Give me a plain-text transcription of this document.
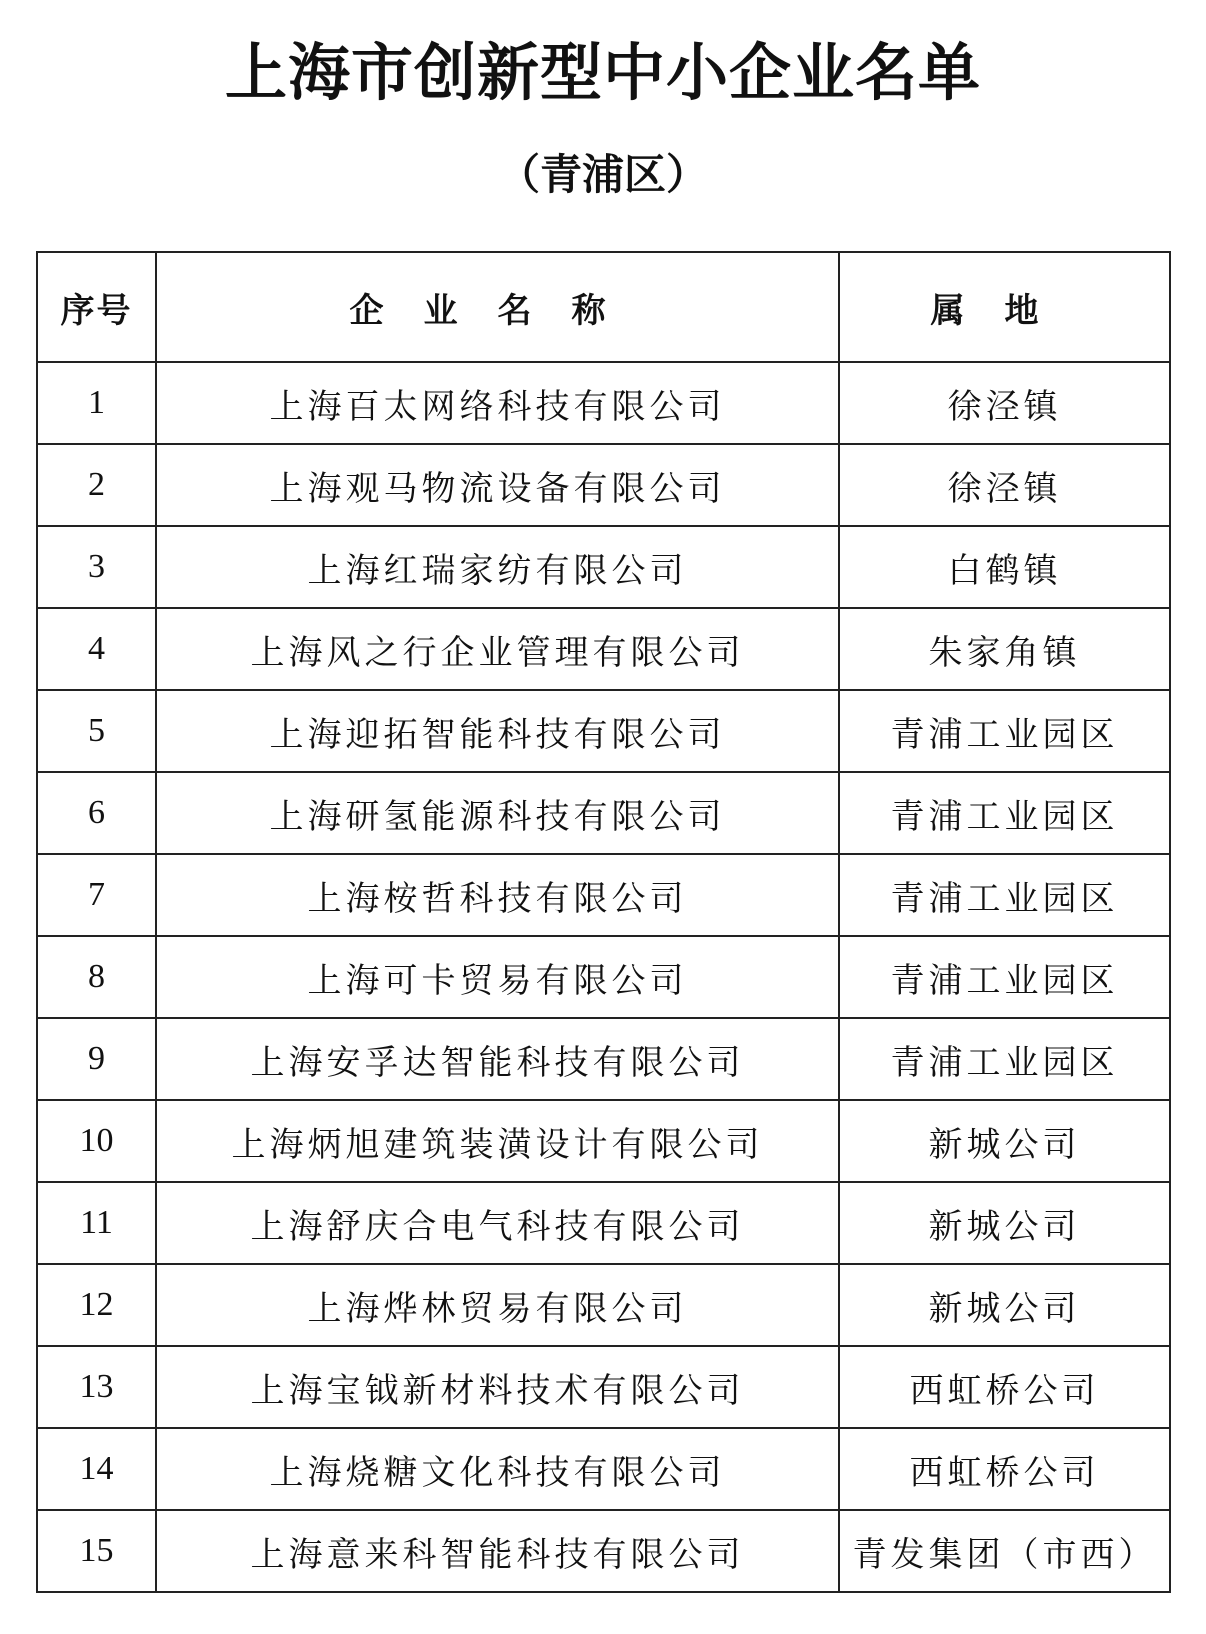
上海市创新型中小企业名单
（青浦区）
序号	企业名称	属地
1	上海百太网络科技有限公司	徐泾镇
2	上海观马物流设备有限公司	徐泾镇
3	上海红瑞家纺有限公司	白鹤镇
4	上海风之行企业管理有限公司	朱家角镇
5	上海迎拓智能科技有限公司	青浦工业园区
6	上海研氢能源科技有限公司	青浦工业园区
7	上海桉哲科技有限公司	青浦工业园区
8	上海可卡贸易有限公司	青浦工业园区
9	上海安孚达智能科技有限公司	青浦工业园区
10	上海炳旭建筑装潢设计有限公司	新城公司
11	上海舒庆合电气科技有限公司	新城公司
12	上海烨林贸易有限公司	新城公司
13	上海宝钺新材料技术有限公司	西虹桥公司
14	上海烧糖文化科技有限公司	西虹桥公司
15	上海意来科智能科技有限公司	青发集团（市西）
